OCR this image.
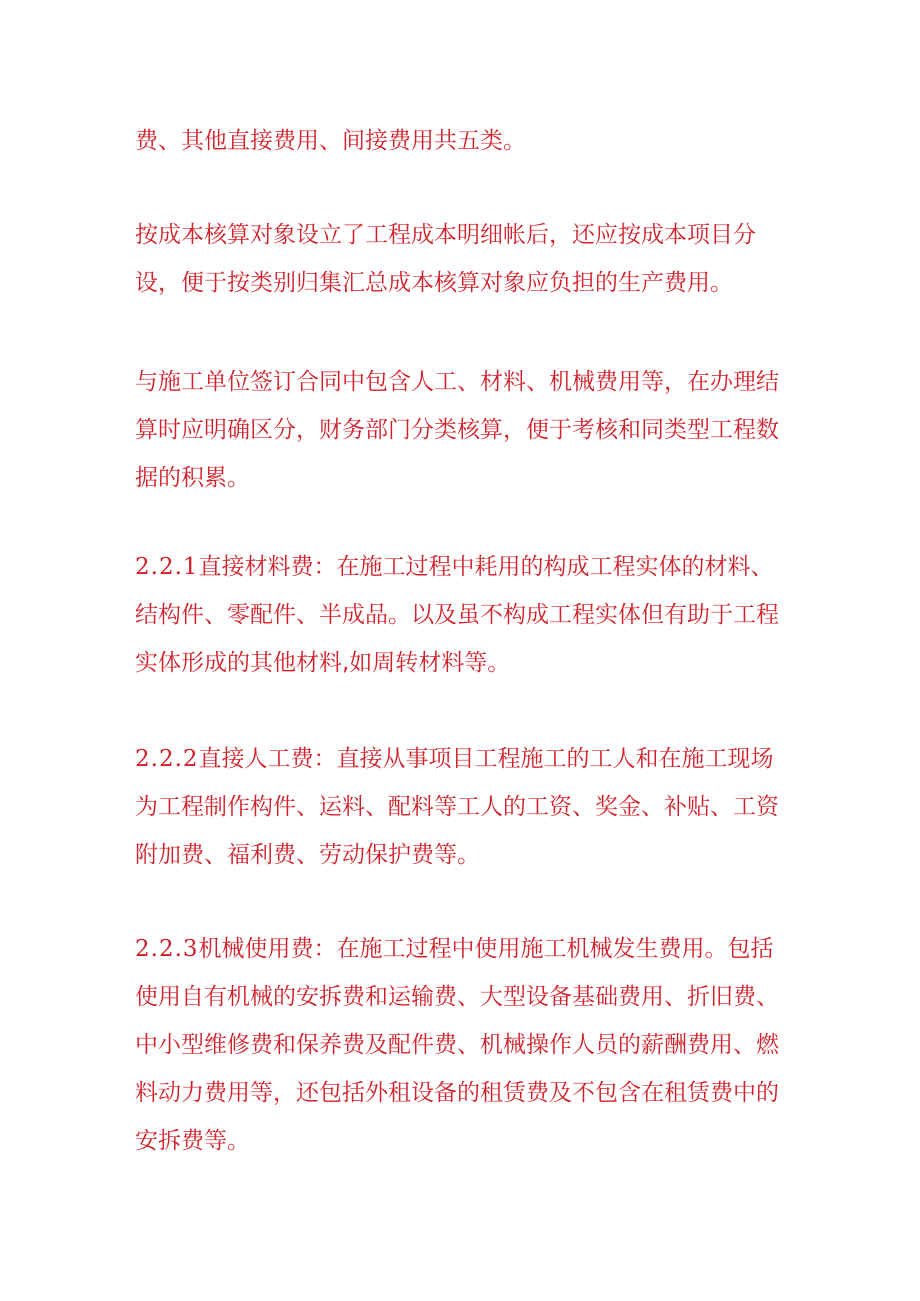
费、其他直接费用、间接费用共五类。

按成本核算对象设立了工程成本明细帐后，还应按成本项目分
设，便于按类别归集汇总成本核算对象应负担的生产费用。

与施工单位签订合同中包含人工、材料、机械费用等，在办理结
算时应明确区分，财务部门分类核算，便于考核和同类型工程数
据的积累。

2.2.1直接材料费：在施工过程中耗用的构成工程实体的材料、
结构件、零配件、半成品。以及虽不构成工程实体但有助于工程
实体形成的其他材料,如周转材料等。

2.2.2直接人工费：直接从事项目工程施工的工人和在施工现场
为工程制作构件、运料、配料等工人的工资、奖金、补贴、工资
附加费、福利费、劳动保护费等。

2.2.3机械使用费：在施工过程中使用施工机械发生费用。包括
使用自有机械的安拆费和运输费、大型设备基础费用、折旧费、
中小型维修费和保养费及配件费、机械操作人员的薪酬费用、燃
料动力费用等，还包括外租设备的租赁费及不包含在租赁费中的
安拆费等。
